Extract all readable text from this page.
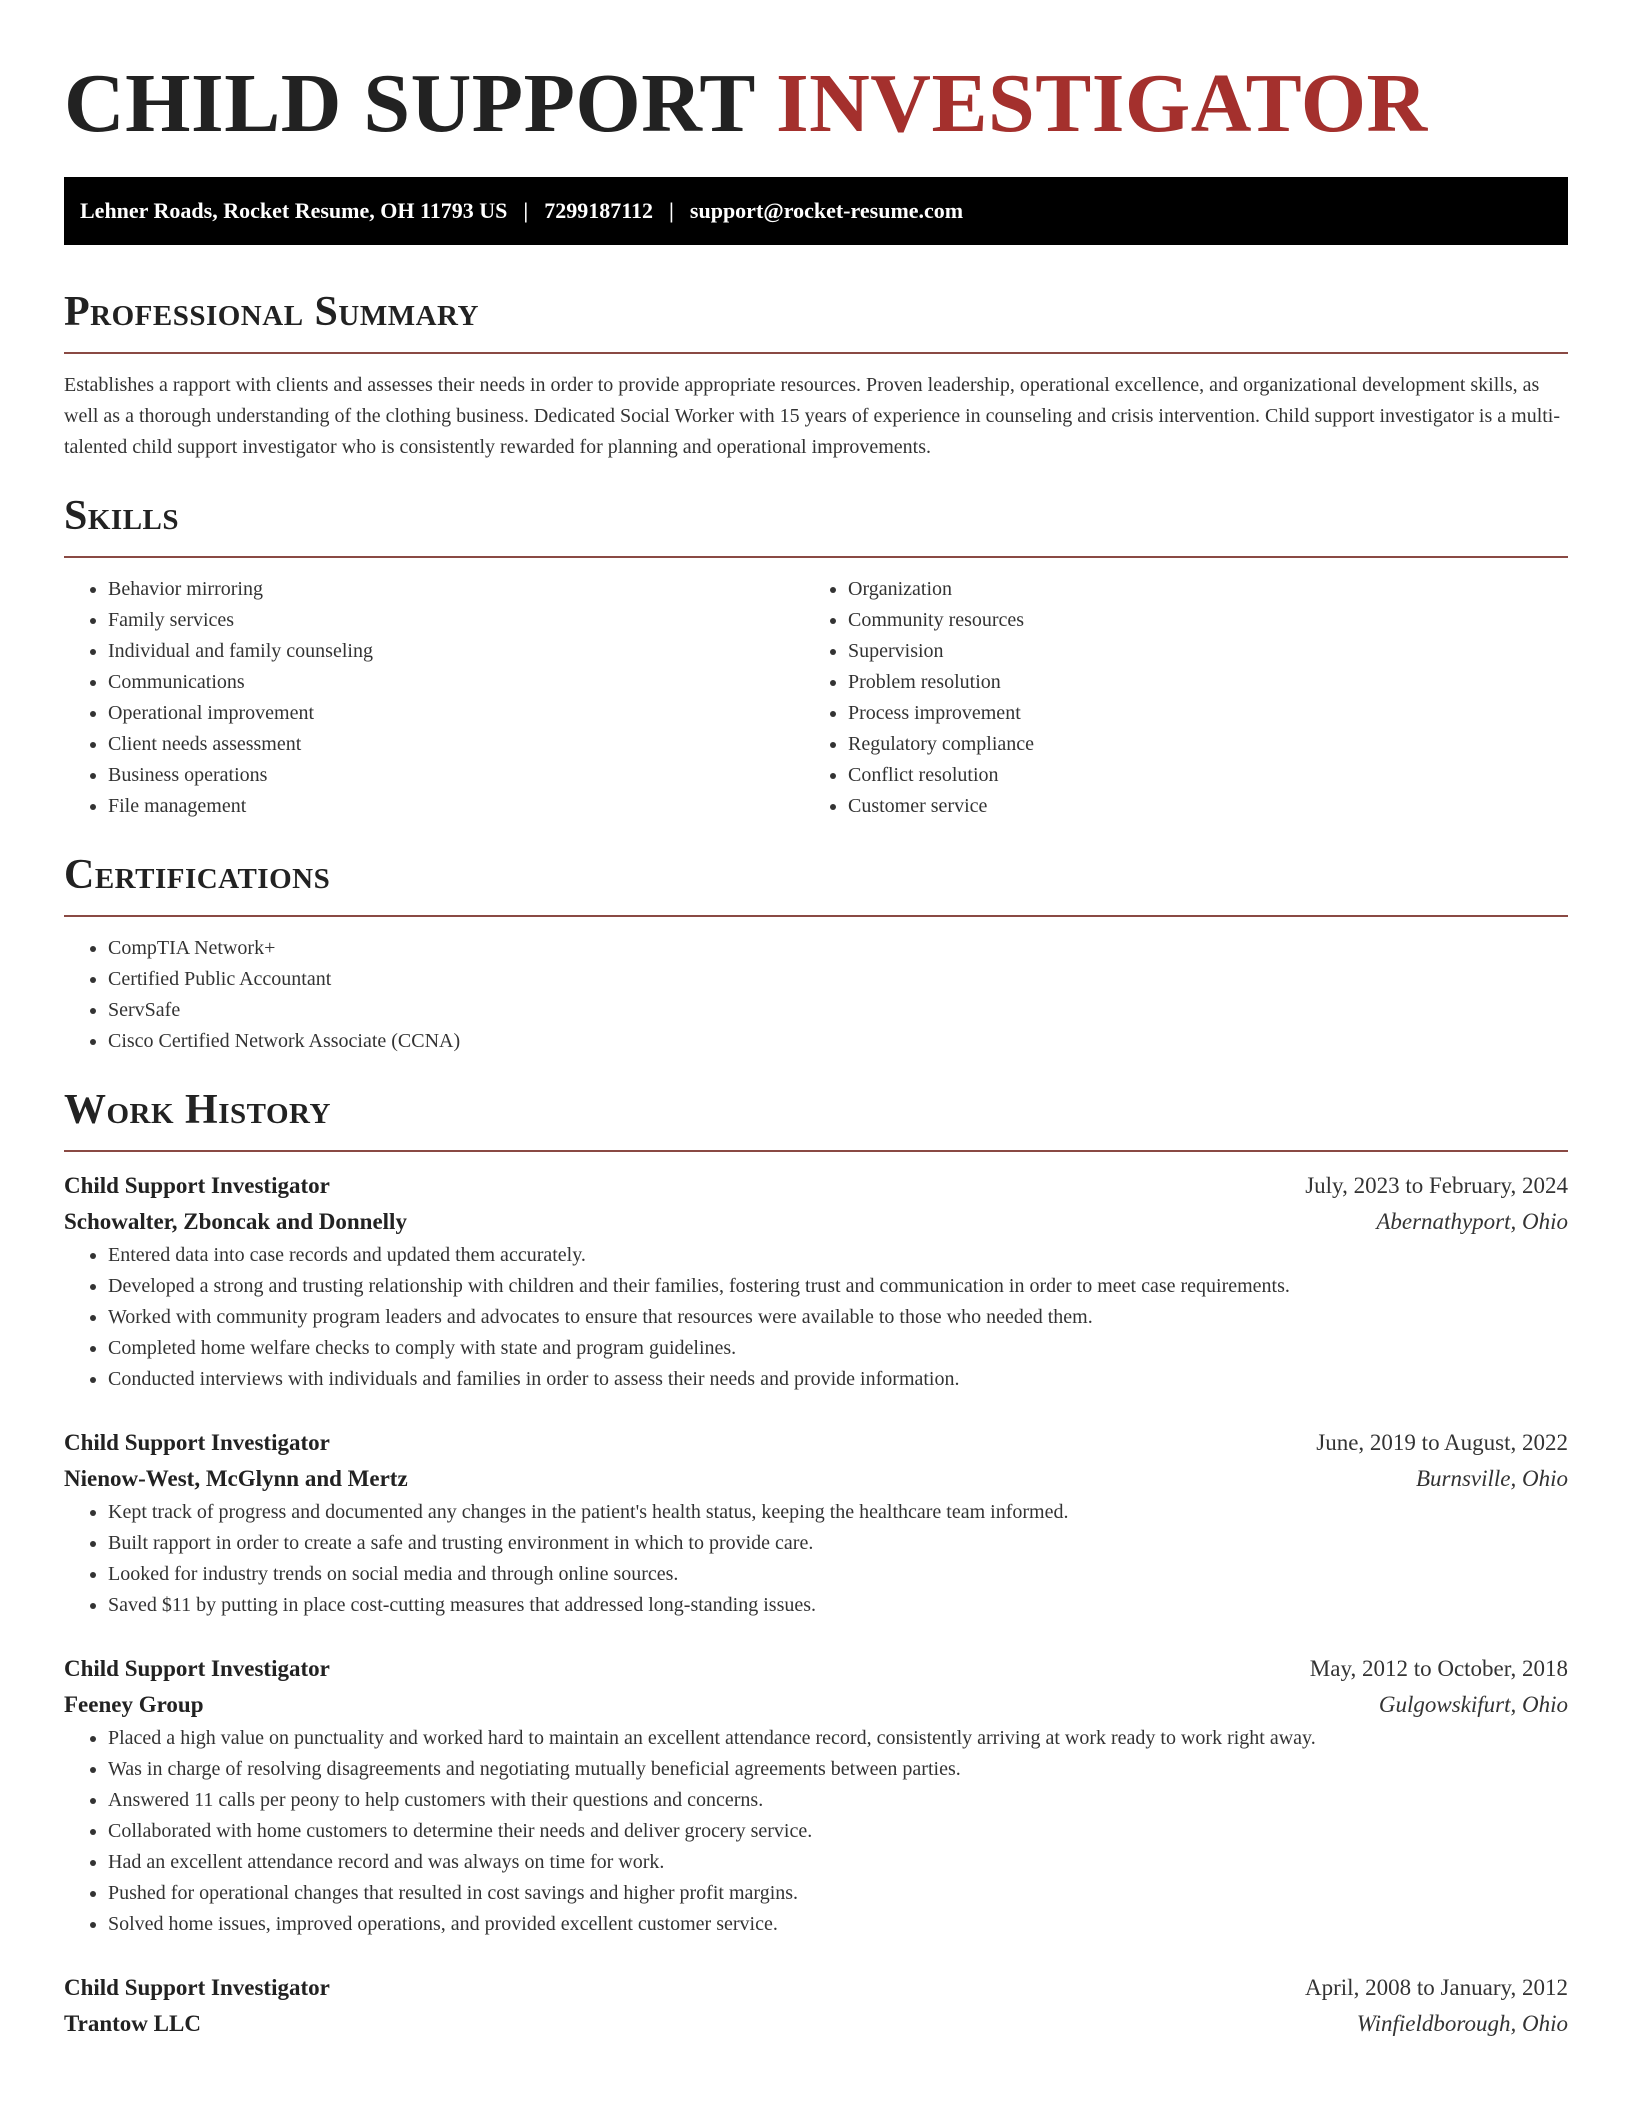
CHILD SUPPORT INVESTIGATOR
Lehner Roads, Rocket Resume, OH 11793 US | 7299187112 | support@rocket-resume.com
Professional Summary

Establishes a rapport with clients and assesses their needs in order to provide appropriate resources. Proven leadership, operational excellence, and organizational development skills, as well as a thorough understanding of the clothing business. Dedicated Social Worker with 15 years of experience in counseling and crisis intervention. Child support investigator is a multi-talented child support investigator who is consistently rewarded for planning and operational improvements.

Skills
• Behavior mirroring
• Family services
• Individual and family counseling
• Communications
• Operational improvement
• Client needs assessment
• Business operations
• File management
• Organization
• Community resources
• Supervision
• Problem resolution
• Process improvement
• Regulatory compliance
• Conflict resolution
• Customer service
Certifications
• CompTIA Network+
• Certified Public Accountant
• ServSafe
• Cisco Certified Network Associate (CCNA)
Work History
Child Support Investigator	July, 2023 to February, 2024
Schowalter, Zboncak and Donnelly	Abernathyport, Ohio
• Entered data into case records and updated them accurately.
• Developed a strong and trusting relationship with children and their families, fostering trust and communication in order to meet case requirements.
• Worked with community program leaders and advocates to ensure that resources were available to those who needed them.
• Completed home welfare checks to comply with state and program guidelines.
• Conducted interviews with individuals and families in order to assess their needs and provide information.
Child Support Investigator	June, 2019 to August, 2022
Nienow-West, McGlynn and Mertz	Burnsville, Ohio
• Kept track of progress and documented any changes in the patient's health status, keeping the healthcare team informed.
• Built rapport in order to create a safe and trusting environment in which to provide care.
• Looked for industry trends on social media and through online sources.
• Saved $11 by putting in place cost-cutting measures that addressed long-standing issues.
Child Support Investigator	May, 2012 to October, 2018
Feeney Group	Gulgowskifurt, Ohio
• Placed a high value on punctuality and worked hard to maintain an excellent attendance record, consistently arriving at work ready to work right away.
• Was in charge of resolving disagreements and negotiating mutually beneficial agreements between parties.
• Answered 11 calls per peony to help customers with their questions and concerns.
• Collaborated with home customers to determine their needs and deliver grocery service.
• Had an excellent attendance record and was always on time for work.
• Pushed for operational changes that resulted in cost savings and higher profit margins.
• Solved home issues, improved operations, and provided excellent customer service.
Child Support Investigator	April, 2008 to January, 2012
Trantow LLC	Winfieldborough, Ohio
